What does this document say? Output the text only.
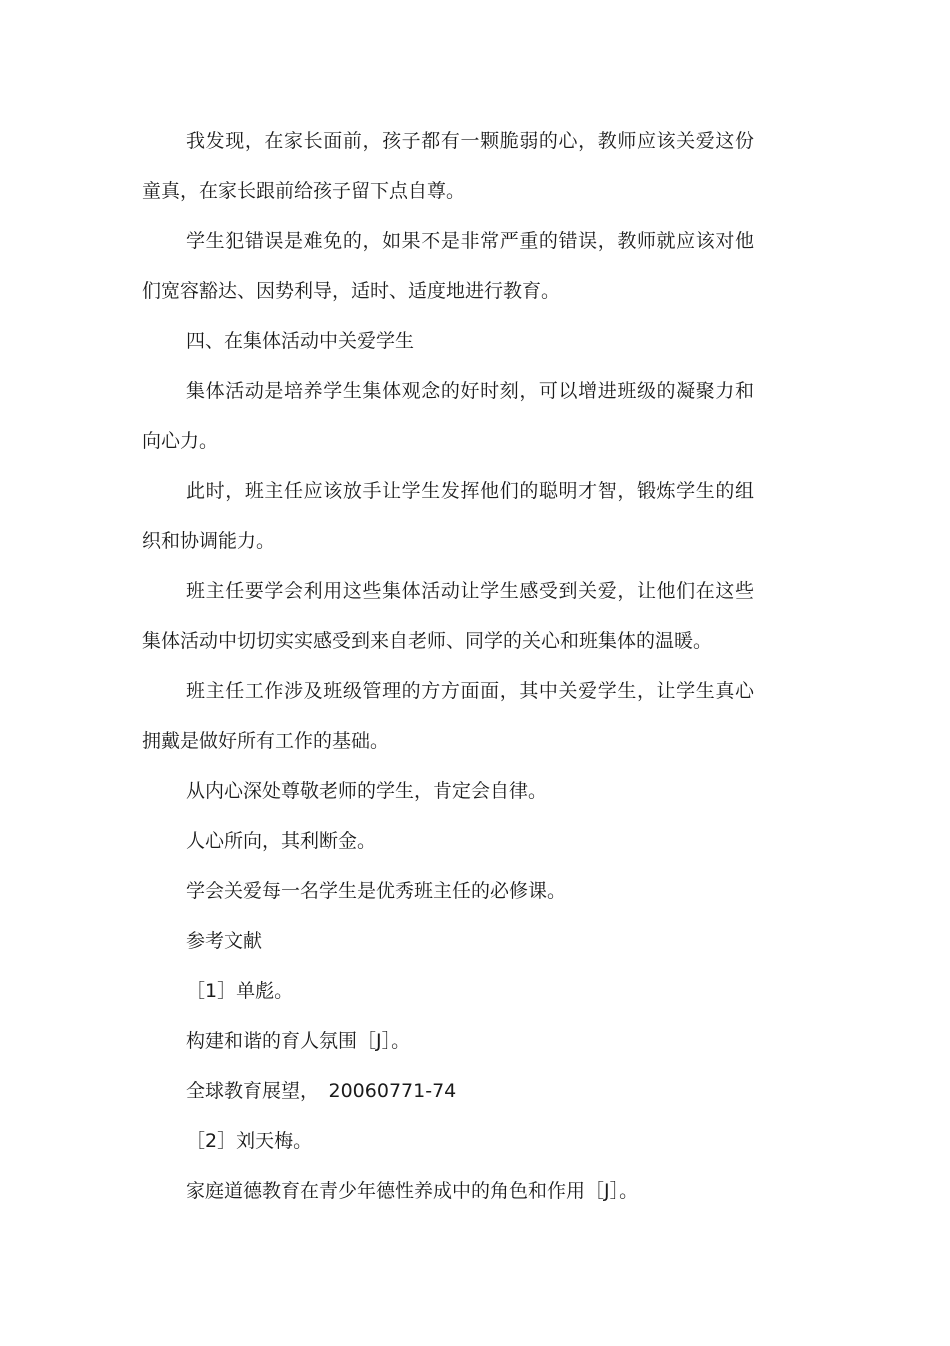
我发现，在家长面前，孩子都有一颗脆弱的心，教师应该关爱这份童真，在家长跟前给孩子留下点自尊。

学生犯错误是难免的，如果不是非常严重的错误，教师就应该对他们宽容豁达、因势利导，适时、适度地进行教育。

四、在集体活动中关爱学生

集体活动是培养学生集体观念的好时刻，可以增进班级的凝聚力和向心力。

此时，班主任应该放手让学生发挥他们的聪明才智，锻炼学生的组织和协调能力。

班主任要学会利用这些集体活动让学生感受到关爱，让他们在这些集体活动中切切实实感受到来自老师、同学的关心和班集体的温暖。

班主任工作涉及班级管理的方方面面，其中关爱学生，让学生真心拥戴是做好所有工作的基础。

从内心深处尊敬老师的学生，肯定会自律。

人心所向，其利断金。

学会关爱每一名学生是优秀班主任的必修课。

参考文献

［1］单彪。

构建和谐的育人氛围［J］。

全球教育展望，　20060771-74

［2］刘天梅。

家庭道德教育在青少年德性养成中的角色和作用［J］。
